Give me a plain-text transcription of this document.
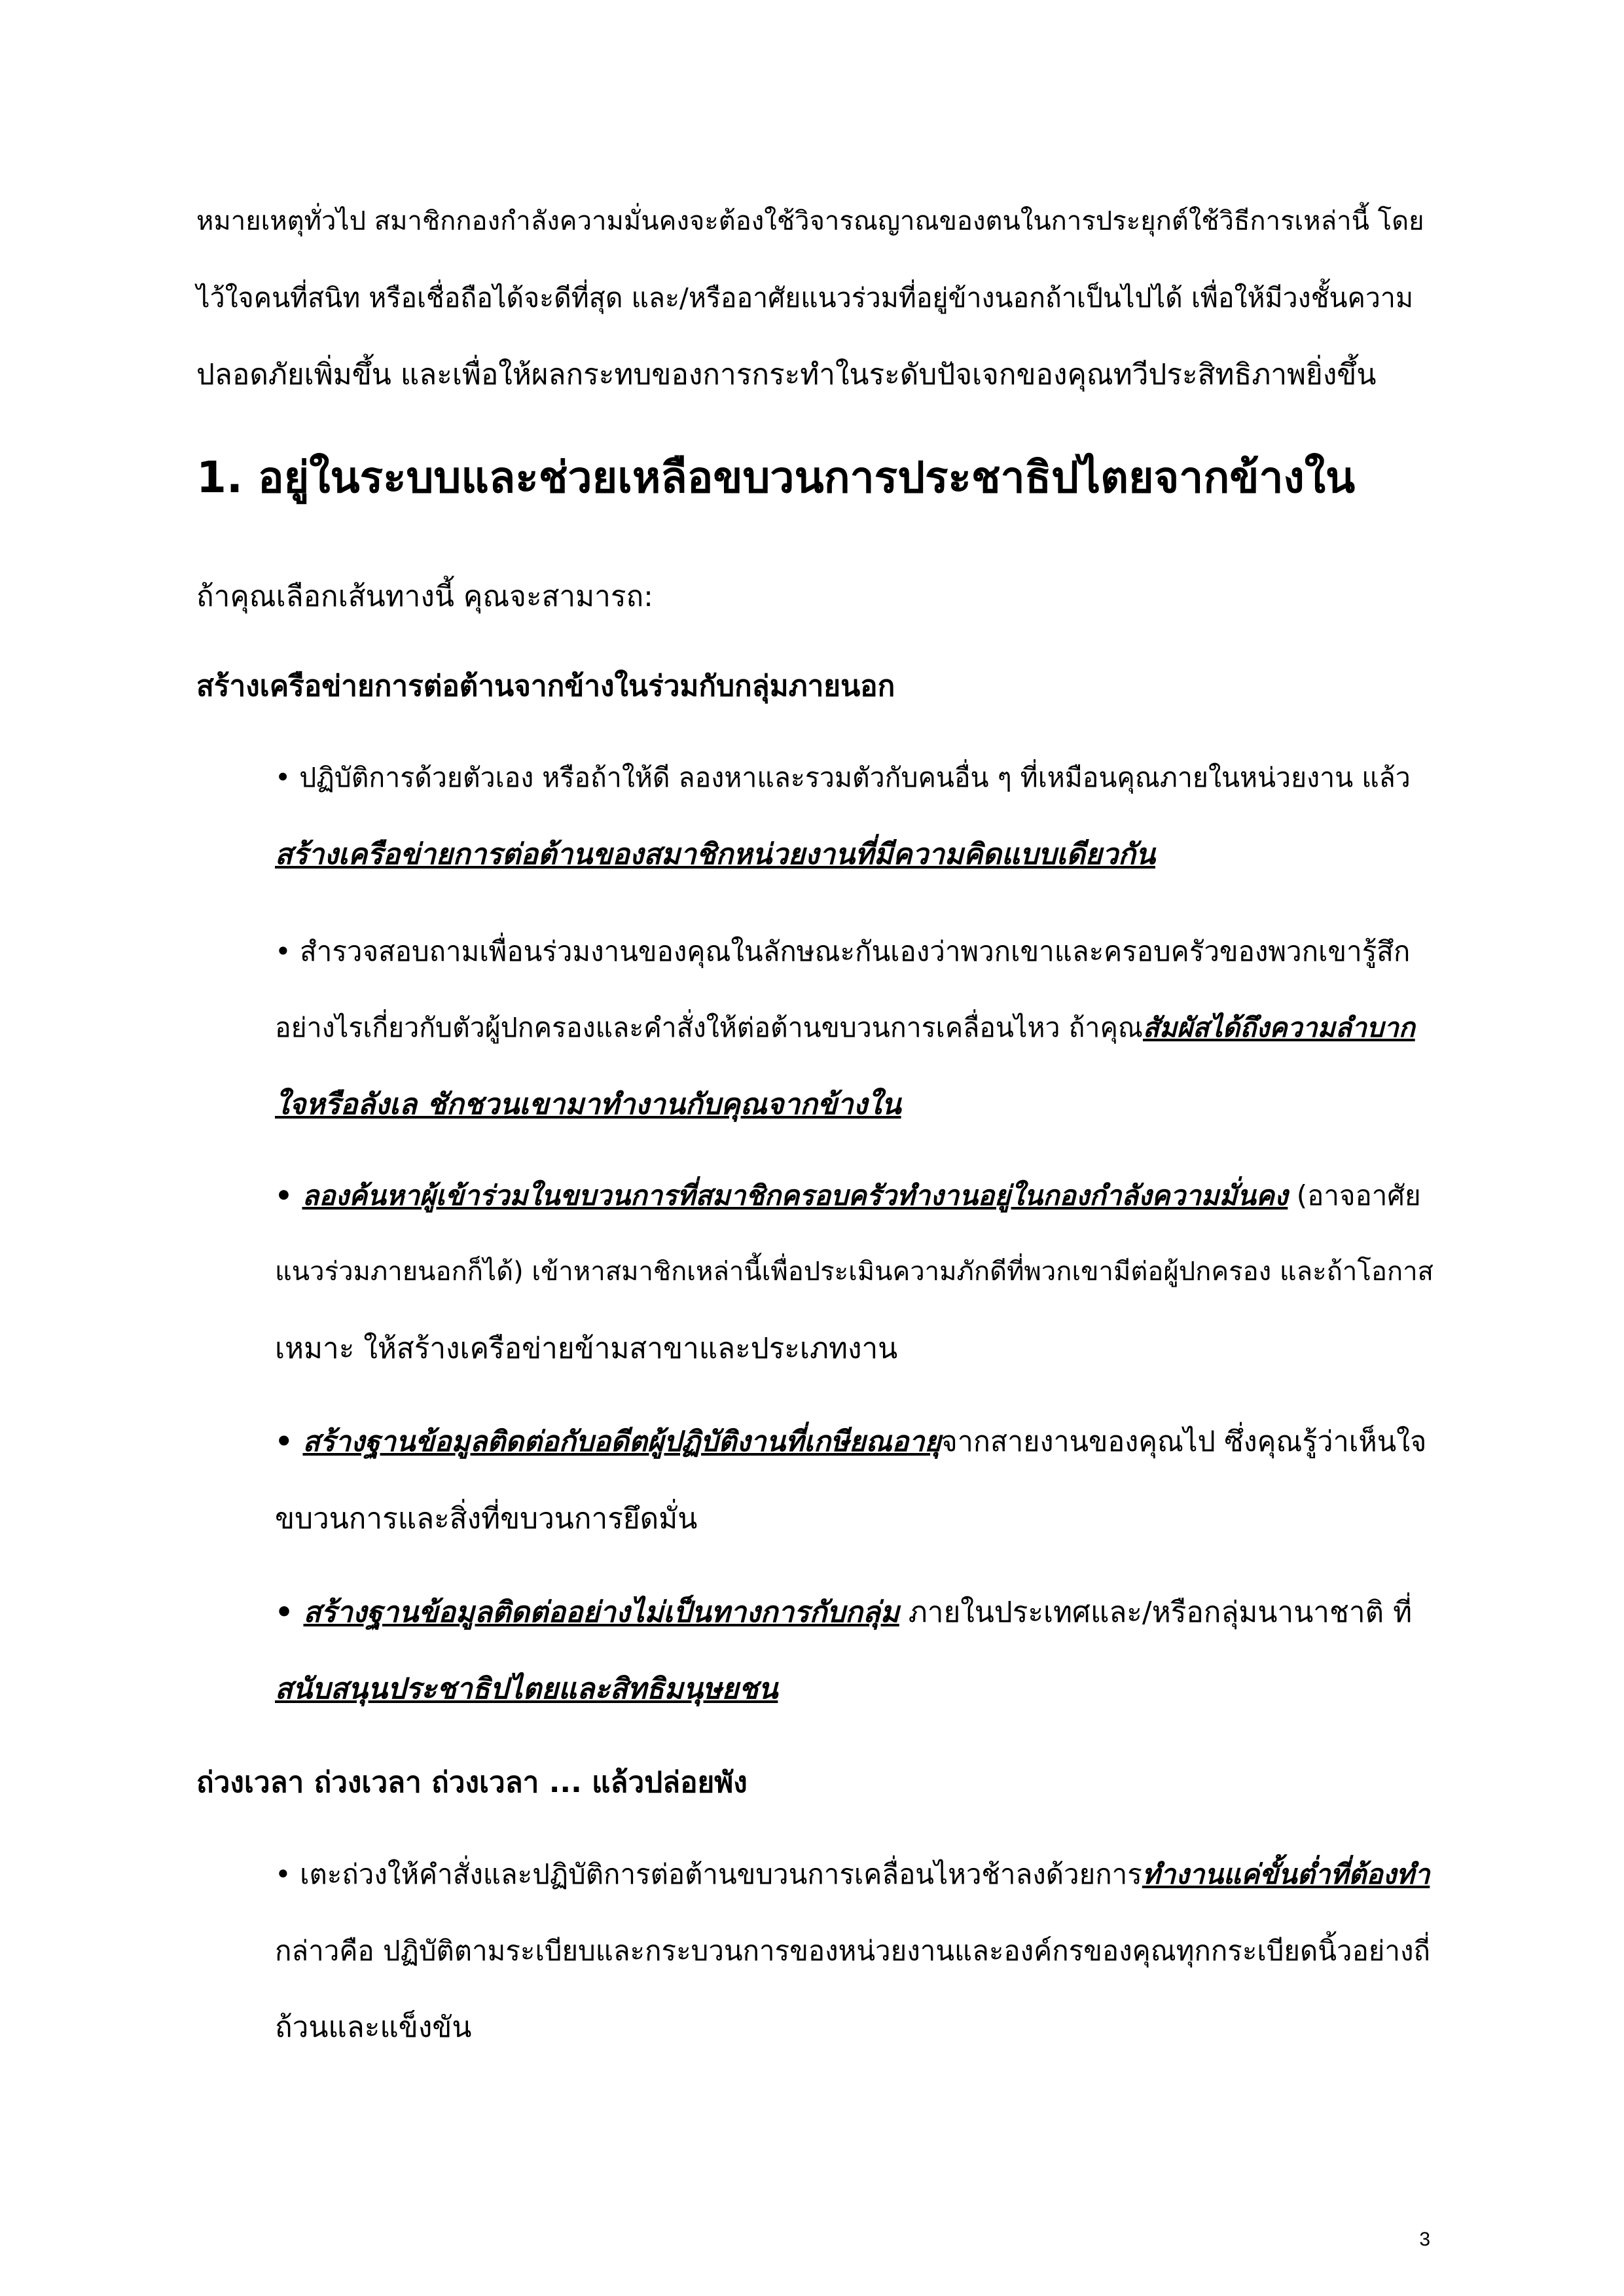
หมายเหตุทั่วไป สมาชิกกองกำลังความมั่นคงจะต้องใช้วิจารณญาณของตนในการประยุกต์ใช้วิธีการเหล่านี้ โดย
ไว้ใจคนที่สนิท หรือเชื่อถือได้จะดีที่สุด และ/หรืออาศัยแนวร่วมที่อยู่ข้างนอกถ้าเป็นไปได้ เพื่อให้มีวงชั้นความ
ปลอดภัยเพิ่มขึ้น และเพื่อให้ผลกระทบของการกระทำในระดับปัจเจกของคุณทวีประสิทธิภาพยิ่งขึ้น
1. อยู่ในระบบและช่วยเหลือขบวนการประชาธิปไตยจากข้างใน
ถ้าคุณเลือกเส้นทางนี้ คุณจะสามารถ:
สร้างเครือข่ายการต่อต้านจากข้างในร่วมกับกลุ่มภายนอก
• ปฏิบัติการด้วยตัวเอง หรือถ้าให้ดี ลองหาและรวมตัวกับคนอื่น ๆ ที่เหมือนคุณภายในหน่วยงาน แล้ว
สร้างเครือข่ายการต่อต้านของสมาชิกหน่วยงานที่มีความคิดแบบเดียวกัน
• สำรวจสอบถามเพื่อนร่วมงานของคุณในลักษณะกันเองว่าพวกเขาและครอบครัวของพวกเขารู้สึก
อย่างไรเกี่ยวกับตัวผู้ปกครองและคำสั่งให้ต่อต้านขบวนการเคลื่อนไหว ถ้าคุณสัมผัสได้ถึงความลำบาก
ใจหรือลังเล ชักชวนเขามาทำงานกับคุณจากข้างใน
• ลองค้นหาผู้เข้าร่วมในขบวนการที่สมาชิกครอบครัวทำงานอยู่ในกองกำลังความมั่นคง (อาจอาศัย
แนวร่วมภายนอกก็ได้) เข้าหาสมาชิกเหล่านี้เพื่อประเมินความภักดีที่พวกเขามีต่อผู้ปกครอง และถ้าโอกาส
เหมาะ ให้สร้างเครือข่ายข้ามสาขาและประเภทงาน
• สร้างฐานข้อมูลติดต่อกับอดีตผู้ปฏิบัติงานที่เกษียณอายุจากสายงานของคุณไป ซึ่งคุณรู้ว่าเห็นใจ
ขบวนการและสิ่งที่ขบวนการยึดมั่น
• สร้างฐานข้อมูลติดต่ออย่างไม่เป็นทางการกับกลุ่ม ภายในประเทศและ/หรือกลุ่มนานาชาติ ที่
สนับสนุนประชาธิปไตยและสิทธิมนุษยชน
ถ่วงเวลา ถ่วงเวลา ถ่วงเวลา ... แล้วปล่อยพัง
• เตะถ่วงให้คำสั่งและปฏิบัติการต่อต้านขบวนการเคลื่อนไหวช้าลงด้วยการทำงานแค่ขั้นต่ำที่ต้องทำ
กล่าวคือ ปฏิบัติตามระเบียบและกระบวนการของหน่วยงานและองค์กรของคุณทุกกระเบียดนิ้วอย่างถี่
ถ้วนและแข็งขัน
3
